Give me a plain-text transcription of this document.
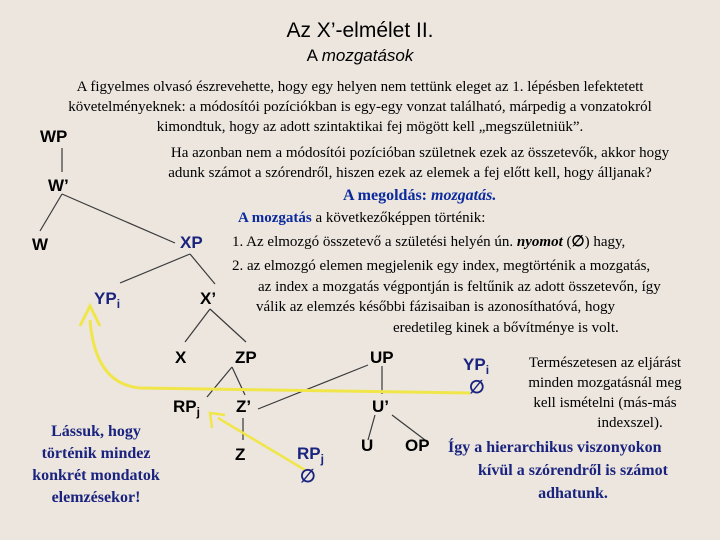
Az X’-elmélet II.
A mozgatások
A figyelmes olvasó észrevehette, hogy egy helyen nem tettünk eleget az 1. lépésben lefektetett
követelményeknek: a módosítói pozíciókban is egy-egy vonzat található, márpedig a vonzatokról
kimondtuk, hogy az adott szintaktikai fej mögött kell „megszületniük”.
Ha azonban nem a módosítói pozícióban születnek ezek az összetevők, akkor hogy
adunk számot a szórendről, hiszen ezek az elemek a fej előtt kell, hogy álljanak?
A megoldás: mozgatás.
A mozgatás a következőképpen történik:
1. Az elmozgó összetevő a születési helyén ún. nyomot (∅) hagy,
2. az elmozgó elemen megjelenik egy index, megtörténik a mozgatás,
az index a mozgatás végpontján is feltűnik az adott összetevőn, így
válik az elemzés későbbi fázisaiban is azonosíthatóvá, hogy
eredetileg kinek a bővítménye is volt.
WP
W’
W	XP
$YP_i$	X’
X	ZP	UP	$YP_i$
∅
$RP_j$ Z’	U’
Z	$RP_j$
∅
U OP
Lássuk, hogy
történik mindez
konkrét mondatok
elemzésekor!
Természetesen az eljárást
minden mozgatásnál meg
kell ismételni (más-más
indexszel).
Így a hierarchikus viszonyokon
kívül a szórendről is számot
adhatunk.
